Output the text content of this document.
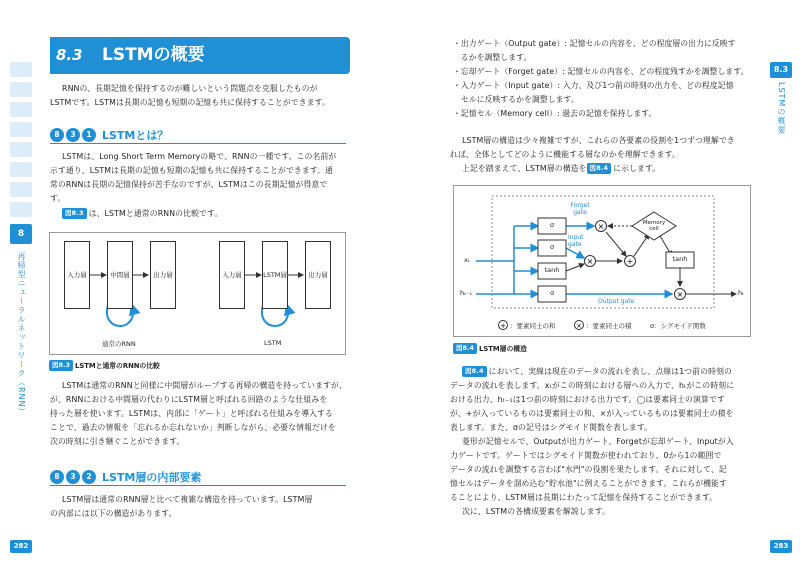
8
再帰型ニューラルネットワーク（RNN）
282
8.3
LSTMの概要
283
8.3	LSTMの概要
RNNの、長期記憶を保持するのが難しいという問題点を克服したものが
LSTMです。LSTMは長期の記憶も短期の記憶も共に保持することができます。
8	3	1 LSTMとは？
LSTMは、Long Short Term Memoryの略で、RNNの一種です。この名前が
示す通り、LSTMは長期の記憶も短期の記憶も共に保持することができます。通
常のRNNは長期の記憶保持が苦手なのですが、LSTMはこの長期記憶が得意で
す。
図8.3 は、LSTMと通常のRNNの比較です。
入力層	中間層	出力層
通常のRNN
入力層	LSTM層	出力層
LSTM
図8.3 LSTMと通常のRNNの比較
LSTMは通常のRNNと同様に中間層がループする再帰の構造を持っていますが、
が、RNNにおける中間層の代わりにLSTM層と呼ばれる回路のような仕組みを
持った層を使います。LSTMは、内部に「ゲート」と呼ばれる仕組みを導入する
ことで、過去の情報を「忘れるか忘れないか」判断しながら、必要な情報だけを
次の時刻に引き継ぐことができます。
8	3	2 LSTM層の内部要素
LSTM層は通常のRNN層と比べて複雑な構造を持っています。LSTM層
の内部には以下の構造があります。
・出力ゲート（Output gate）: 記憶セルの内容を、どの程度層の出力に反映す
　るかを調整します。
・忘却ゲート（Forget gate）: 記憶セルの内容を、どの程度残すかを調整します。
・入力ゲート（Input gate）: 入力、及び1つ前の時刻の出力を、どの程度記憶
　セルに反映するかを調整します。
・記憶セル（Memory cell）: 過去の記憶を保持します。
LSTM層の構造は少々複雑ですが、これらの各要素の役割を1つずつ理解でき
れば、全体としてどのように機能する層なのかを理解できます。
上記を踏まえて、LSTM層の構造を 図8.4 に示します。
×
×	+
×
+	×
Forget gate
Input gate
Output gate
Memory cell
σ
σ
tanh
σ
tanh
xₜ
hₜ₋₁	hₜ
：要素同士の和	：要素同士の積	σ：シグモイド関数
図8.4 LSTM層の構造
図8.4 において、実線は現在のデータの流れを表し、点線は1つ前の時刻の
データの流れを表します。xₜがこの時刻における層への入力で、hₜがこの時刻に
おける出力、hₜ₋₁は1つ前の時刻における出力です。◯は要素同士の演算です
が、+が入っているものは要素同士の和、×が入っているものは要素同士の積を
表します。また、σの記号はシグモイド関数を表します。
菱形が記憶セルで、Outputが出力ゲート、Forgetが忘却ゲート、Inputが入
力ゲートです。ゲートではシグモイド関数が使われており、0から1の範囲で
データの流れを調整する言わば"水門"の役割を果たします。それに対して、記
憶セルはデータを溜め込む"貯水池"に例えることができます。これらが機能す
ることにより、LSTM層は長期にわたって記憶を保持することができます。
次に、LSTMの各構成要素を解説します。
